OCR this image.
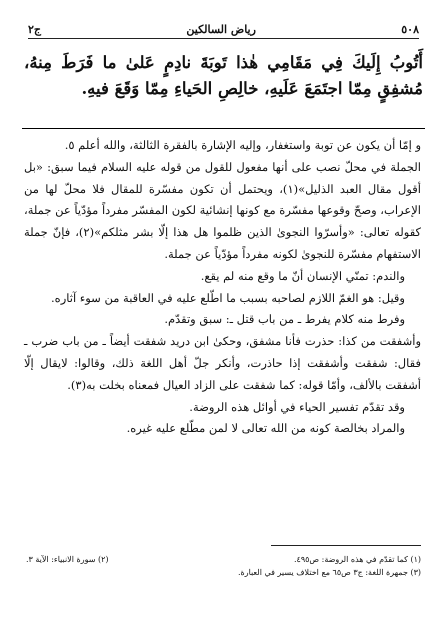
٥٠٨
رياض السالكين
ج٢
أَتُوبُ إِلَيكَ فِي مَقَامِي هٰذا تَوبَةَ نادِمٍ عَلىٰ ما فَرَطَ مِنهُ، مُشفِقٍ مِمّا اجتَمَعَ عَلَيهِ، خالِصِ الحَياءِ مِمّا وَقَعَ فيهِ.

و إمّا أن يكون عن توبة واستغفار، وإليه الإشارة بالفقرة الثالثة، والله أعلم ٥.

الجملة في محلّ نصب على أنها مفعول للقول من قوله عليه السلام فيما سبق: «بل أقول مقال العبد الذليل»(١)، ويحتمل أن تكون مفسّرة للمقال فلا محلّ لها من الإعراب، وصحّ وقوعها مفسّرة مع كونها إنشائية لكون المفسّر مفرداً مؤدّياً عن جملة، كقوله تعالى: «وأسرّوا النجوىٰ الذين ظلموا هل هذا إلّا بشر مثلكم»(٢)، فإنّ جملة الاستفهام مفسّرة للنجوىٰ لكونه مفرداً مؤدّياً عن جملة.

والندم: تمنّي الإنسان أنّ ما وقع منه لم يقع.

وقيل: هو الغمّ اللازم لصاحبه بسبب ما اطّلع عليه في العاقبة من سوء آثاره.

وفرط منه كلام يفرط ـ من باب قتل ـ: سبق وتقدّم.

وأشفقت من كذا: حذرت فأنا مشفق، وحكىٰ ابن دريد شفقت أيضاً ـ من باب ضرب ـ فقال: شفقت وأشفقت إذا حاذرت، وأنكر جلّ أهل اللغة ذلك، وقالوا: لايقال إلّا أشفقت بالألف، وأمّا قوله: كما شفقت على الزاد العيال فمعناه بخلت به(٣).

وقد تقدّم تفسير الحياء في أوائل هذه الروضة.

والمراد بخالصة كونه من الله تعالى لا لمن مطّلع عليه غيره.

(١) كما تقدّم في هذه الروضة: ص٤٩٥.
(٢) سورة الانبياء: الآية ٣.
(٣) جمهرة اللغة: ج٣ ص٦٥ مع اختلاف يسير في العبارة.
